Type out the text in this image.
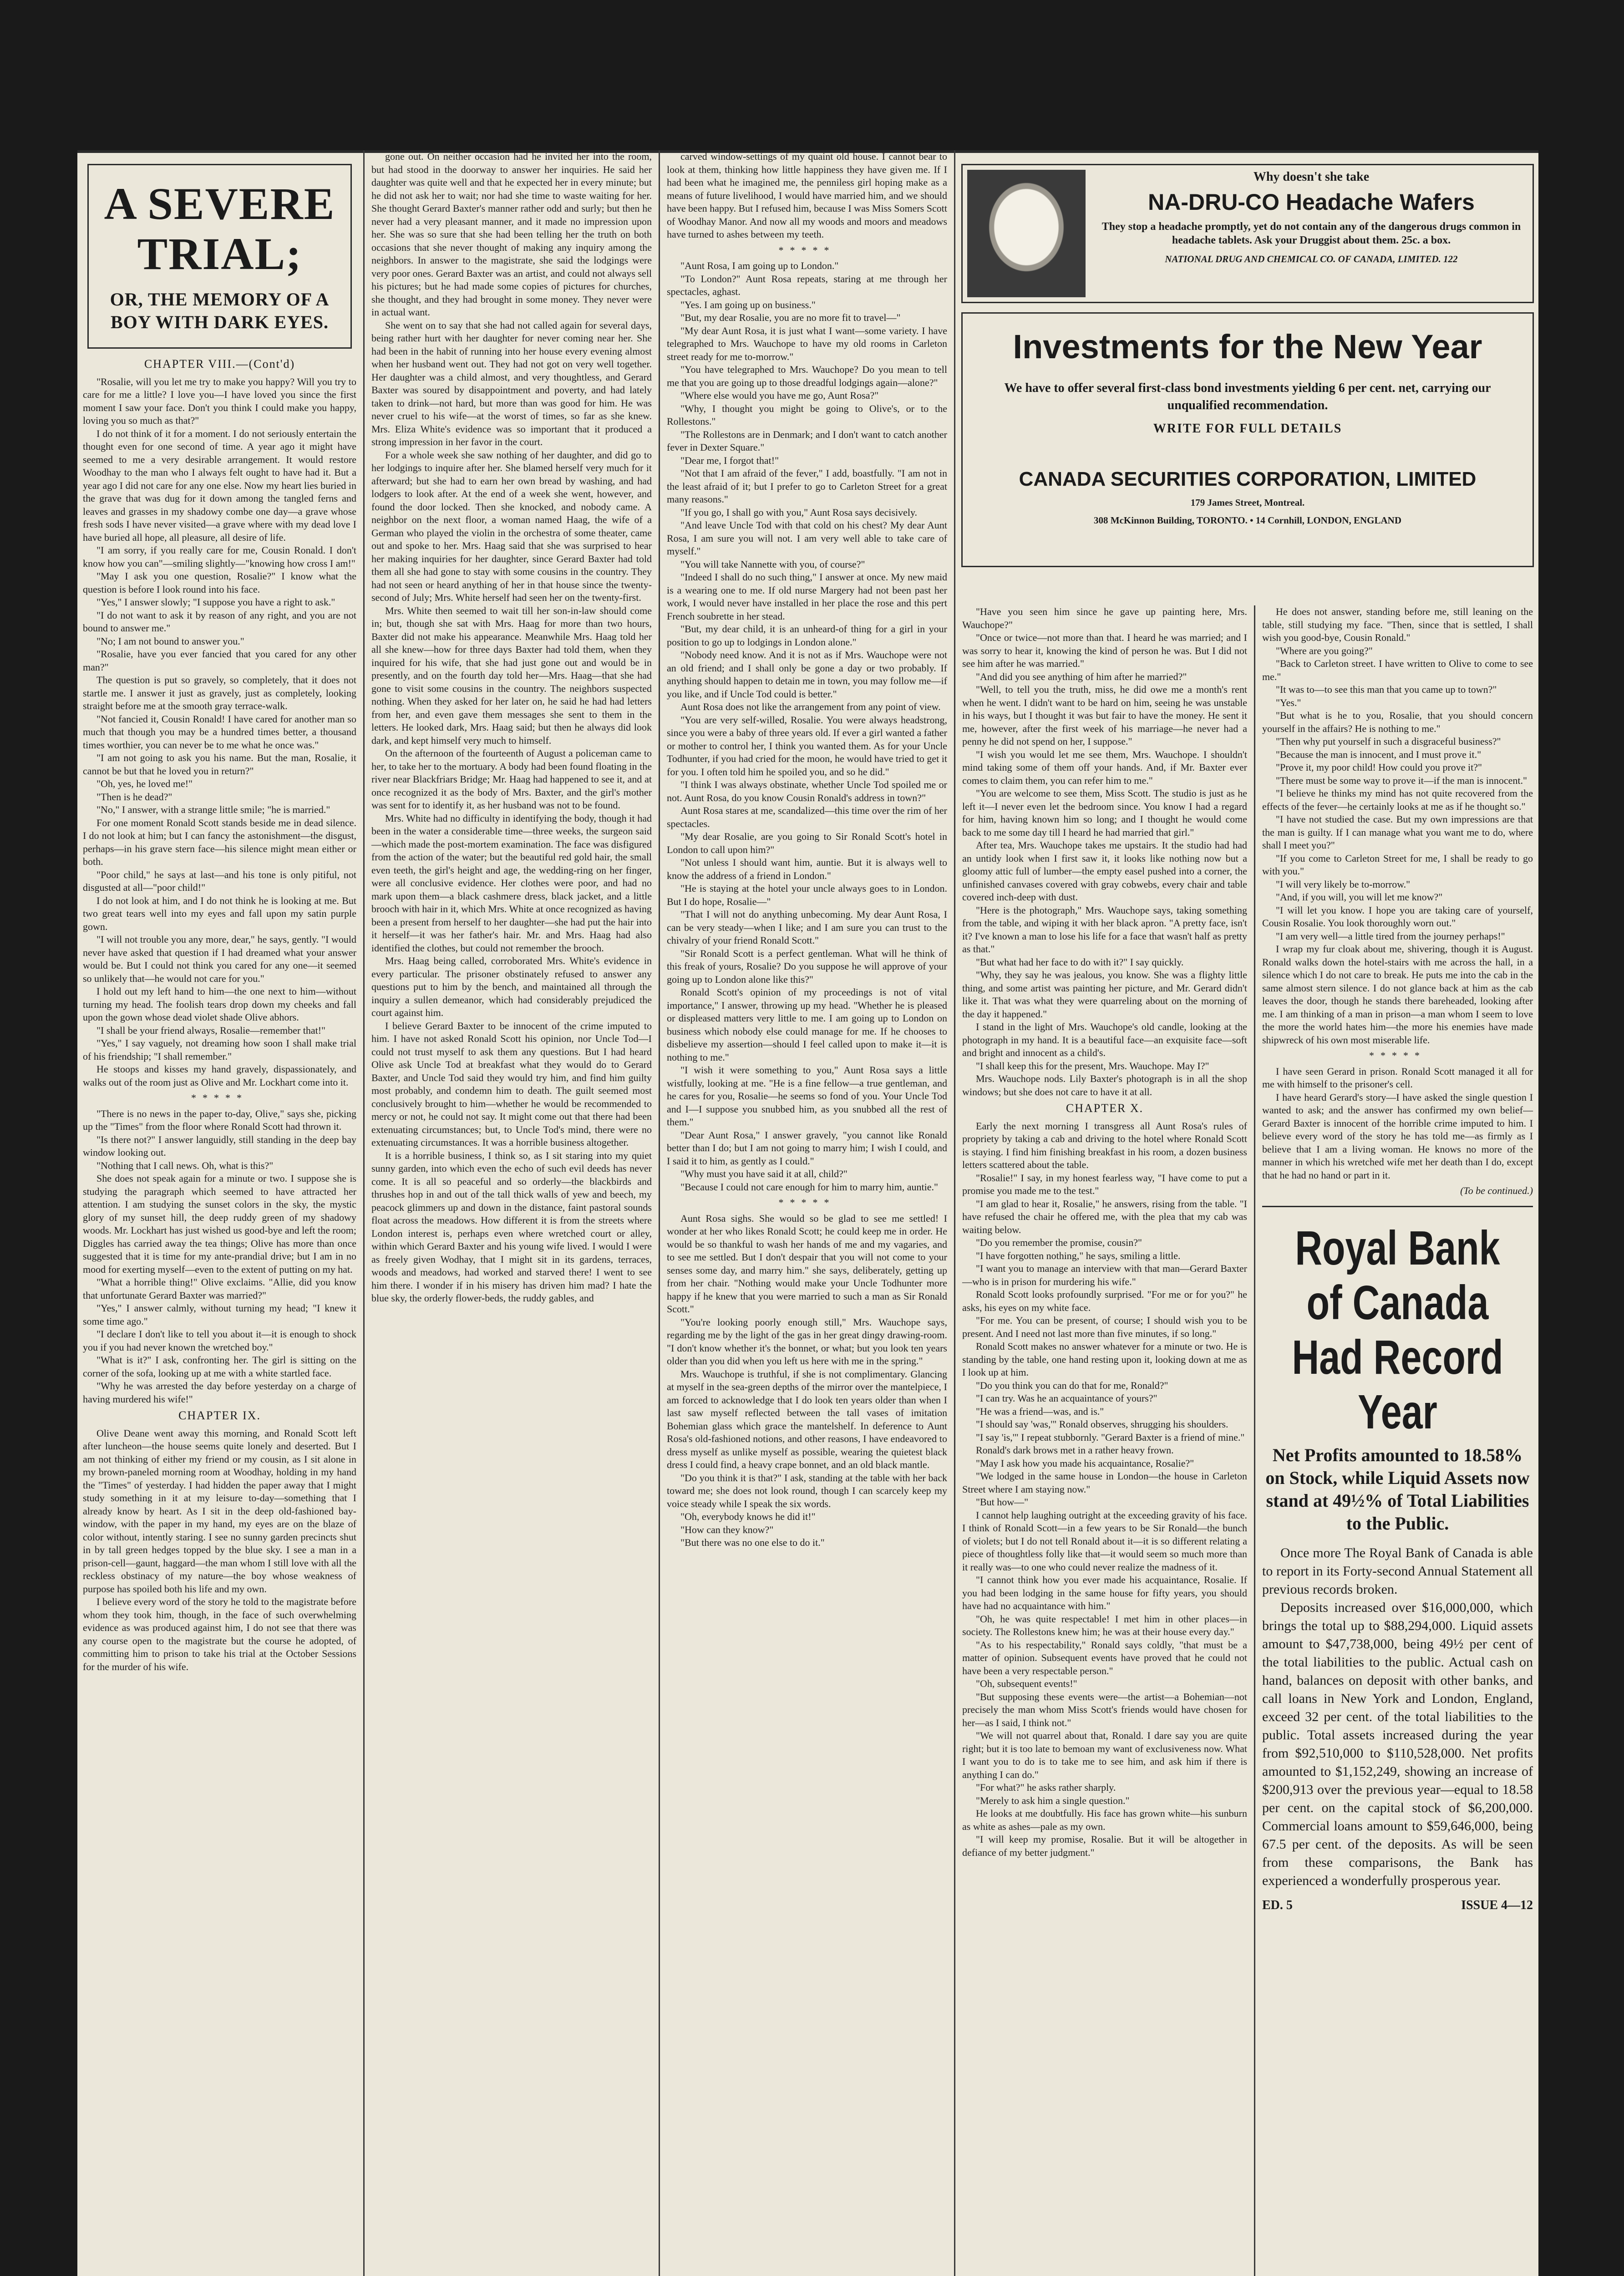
A SEVERE TRIAL;
OR, THE MEMORY OF A BOY WITH DARK EYES.
CHAPTER VIII.—(Cont'd)

"Rosalie, will you let me try to make you happy? Will you try to care for me a little? I love you—I have loved you since the first moment I saw your face. Don't you think I could make you happy, loving you so much as that?"

I do not think of it for a moment. I do not seriously entertain the thought even for one second of time. A year ago it might have seemed to me a very desirable arrangement. It would restore Woodhay to the man who I always felt ought to have had it. But a year ago I did not care for any one else. Now my heart lies buried in the grave that was dug for it down among the tangled ferns and leaves and grasses in my shadowy combe one day—a grave whose fresh sods I have never visited—a grave where with my dead love I have buried all hope, all pleasure, all desire of life.

"I am sorry, if you really care for me, Cousin Ronald. I don't know how you can"—smiling slightly—"knowing how cross I am!"

"May I ask you one question, Rosalie?" I know what the question is before I look round into his face.

"Yes," I answer slowly; "I suppose you have a right to ask."

"I do not want to ask it by reason of any right, and you are not bound to answer me."

"No; I am not bound to answer you."

"Rosalie, have you ever fancied that you cared for any other man?"

The question is put so gravely, so completely, that it does not startle me. I answer it just as gravely, just as completely, looking straight before me at the smooth gray terrace-walk.

"Not fancied it, Cousin Ronald! I have cared for another man so much that though you may be a hundred times better, a thousand times worthier, you can never be to me what he once was."

"I am not going to ask you his name. But the man, Rosalie, it cannot be but that he loved you in return?"

"Oh, yes, he loved me!"

"Then is he dead?"

"No," I answer, with a strange little smile; "he is married."

For one moment Ronald Scott stands beside me in dead silence. I do not look at him; but I can fancy the astonishment—the disgust, perhaps—in his grave stern face—his silence might mean either or both.

"Poor child," he says at last—and his tone is only pitiful, not disgusted at all—"poor child!"

I do not look at him, and I do not think he is looking at me. But two great tears well into my eyes and fall upon my satin purple gown.

"I will not trouble you any more, dear," he says, gently. "I would never have asked that question if I had dreamed what your answer would be. But I could not think you cared for any one—it seemed so unlikely that—he would not care for you."

I hold out my left hand to him—the one next to him—without turning my head. The foolish tears drop down my cheeks and fall upon the gown whose dead violet shade Olive abhors.

"I shall be your friend always, Rosalie—remember that!"

"Yes," I say vaguely, not dreaming how soon I shall make trial of his friendship; "I shall remember."

He stoops and kisses my hand gravely, dispassionately, and walks out of the room just as Olive and Mr. Lockhart come into it.

*****

"There is no news in the paper to-day, Olive," says she, picking up the "Times" from the floor where Ronald Scott had thrown it.

"Is there not?" I answer languidly, still standing in the deep bay window looking out.

"Nothing that I call news. Oh, what is this?"

She does not speak again for a minute or two. I suppose she is studying the paragraph which seemed to have attracted her attention. I am studying the sunset colors in the sky, the mystic glory of my sunset hill, the deep ruddy green of my shadowy woods. Mr. Lockhart has just wished us good-bye and left the room; Diggles has carried away the tea things; Olive has more than once suggested that it is time for my ante-prandial drive; but I am in no mood for exerting myself—even to the extent of putting on my hat.

"What a horrible thing!" Olive exclaims. "Allie, did you know that unfortunate Gerard Baxter was married?"

"Yes," I answer calmly, without turning my head; "I knew it some time ago."

"I declare I don't like to tell you about it—it is enough to shock you if you had never known the wretched boy."

"What is it?" I ask, confronting her. The girl is sitting on the corner of the sofa, looking up at me with a white startled face.

"Why he was arrested the day before yesterday on a charge of having murdered his wife!"

CHAPTER IX.

Olive Deane went away this morning, and Ronald Scott left after luncheon—the house seems quite lonely and deserted. But I am not thinking of either my friend or my cousin, as I sit alone in my brown-paneled morning room at Woodhay, holding in my hand the "Times" of yesterday. I had hidden the paper away that I might study something in it at my leisure to-day—something that I already know by heart. As I sit in the deep old-fashioned bay-window, with the paper in my hand, my eyes are on the blaze of color without, intently staring. I see no sunny garden precincts shut in by tall green hedges topped by the blue sky. I see a man in a prison-cell—gaunt, haggard—the man whom I still love with all the reckless obstinacy of my nature—the boy whose weakness of purpose has spoiled both his life and my own.

I believe every word of the story he told to the magistrate before whom they took him, though, in the face of such overwhelming evidence as was produced against him, I do not see that there was any course open to the magistrate but the course he adopted, of committing him to prison to take his trial at the October Sessions for the murder of his wife.

gone out. On neither occasion had he invited her into the room, but had stood in the doorway to answer her inquiries. He said her daughter was quite well and that he expected her in every minute; but he did not ask her to wait; nor had she time to waste waiting for her. She thought Gerard Baxter's manner rather odd and surly; but then he never had a very pleasant manner, and it made no impression upon her. She was so sure that she had been telling her the truth on both occasions that she never thought of making any inquiry among the neighbors. In answer to the magistrate, she said the lodgings were very poor ones. Gerard Baxter was an artist, and could not always sell his pictures; but he had made some copies of pictures for churches, she thought, and they had brought in some money. They never were in actual want.

She went on to say that she had not called again for several days, being rather hurt with her daughter for never coming near her. She had been in the habit of running into her house every evening almost when her husband went out. They had not got on very well together. Her daughter was a child almost, and very thoughtless, and Gerard Baxter was soured by disappointment and poverty, and had lately taken to drink—not hard, but more than was good for him. He was never cruel to his wife—at the worst of times, so far as she knew. Mrs. Eliza White's evidence was so important that it produced a strong impression in her favor in the court.

For a whole week she saw nothing of her daughter, and did go to her lodgings to inquire after her. She blamed herself very much for it afterward; but she had to earn her own bread by washing, and had lodgers to look after. At the end of a week she went, however, and found the door locked. Then she knocked, and nobody came. A neighbor on the next floor, a woman named Haag, the wife of a German who played the violin in the orchestra of some theater, came out and spoke to her. Mrs. Haag said that she was surprised to hear her making inquiries for her daughter, since Gerard Baxter had told them all she had gone to stay with some cousins in the country. They had not seen or heard anything of her in that house since the twenty-second of July; Mrs. White herself had seen her on the twenty-first.

Mrs. White then seemed to wait till her son-in-law should come in; but, though she sat with Mrs. Haag for more than two hours, Baxter did not make his appearance. Meanwhile Mrs. Haag told her all she knew—how for three days Baxter had told them, when they inquired for his wife, that she had just gone out and would be in presently, and on the fourth day told her—Mrs. Haag—that she had gone to visit some cousins in the country. The neighbors suspected nothing. When they asked for her later on, he said he had had letters from her, and even gave them messages she sent to them in the letters. He looked dark, Mrs. Haag said; but then he always did look dark, and kept himself very much to himself.

On the afternoon of the fourteenth of August a policeman came to her, to take her to the mortuary. A body had been found floating in the river near Blackfriars Bridge; Mr. Haag had happened to see it, and at once recognized it as the body of Mrs. Baxter, and the girl's mother was sent for to identify it, as her husband was not to be found.

Mrs. White had no difficulty in identifying the body, though it had been in the water a considerable time—three weeks, the surgeon said—which made the post-mortem examination. The face was disfigured from the action of the water; but the beautiful red gold hair, the small even teeth, the girl's height and age, the wedding-ring on her finger, were all conclusive evidence. Her clothes were poor, and had no mark upon them—a black cashmere dress, black jacket, and a little brooch with hair in it, which Mrs. White at once recognized as having been a present from herself to her daughter—she had put the hair into it herself—it was her father's hair. Mr. and Mrs. Haag had also identified the clothes, but could not remember the brooch.

Mrs. Haag being called, corroborated Mrs. White's evidence in every particular. The prisoner obstinately refused to answer any questions put to him by the bench, and maintained all through the inquiry a sullen demeanor, which had considerably prejudiced the court against him.

I believe Gerard Baxter to be innocent of the crime imputed to him. I have not asked Ronald Scott his opinion, nor Uncle Tod—I could not trust myself to ask them any questions. But I had heard Olive ask Uncle Tod at breakfast what they would do to Gerard Baxter, and Uncle Tod said they would try him, and find him guilty most probably, and condemn him to death. The guilt seemed most conclusively brought to him—whether he would be recommended to mercy or not, he could not say. It might come out that there had been extenuating circumstances; but, to Uncle Tod's mind, there were no extenuating circumstances. It was a horrible business altogether.

It is a horrible business, I think so, as I sit staring into my quiet sunny garden, into which even the echo of such evil deeds has never come. It is all so peaceful and so orderly—the blackbirds and thrushes hop in and out of the tall thick walls of yew and beech, my peacock glimmers up and down in the distance, faint pastoral sounds float across the meadows. How different it is from the streets where London interest is, perhaps even where wretched court or alley, within which Gerard Baxter and his young wife lived. I would I were as freely given Wodhay, that I might sit in its gardens, terraces, woods and meadows, had worked and starved there! I went to see him there. I wonder if in his misery has driven him mad? I hate the blue sky, the orderly flower-beds, the ruddy gables, and

carved window-settings of my quaint old house. I cannot bear to look at them, thinking how little happiness they have given me. If I had been what he imagined me, the penniless girl hoping make as a means of future livelihood, I would have married him, and we should have been happy. But I refused him, because I was Miss Somers Scott of Woodhay Manor. And now all my woods and moors and meadows have turned to ashes between my teeth.

*****

"Aunt Rosa, I am going up to London."

"To London?" Aunt Rosa repeats, staring at me through her spectacles, aghast.

"Yes. I am going up on business."

"But, my dear Rosalie, you are no more fit to travel—"

"My dear Aunt Rosa, it is just what I want—some variety. I have telegraphed to Mrs. Wauchope to have my old rooms in Carleton street ready for me to-morrow."

"You have telegraphed to Mrs. Wauchope? Do you mean to tell me that you are going up to those dreadful lodgings again—alone?"

"Where else would you have me go, Aunt Rosa?"

"Why, I thought you might be going to Olive's, or to the Rollestons."

"The Rollestons are in Denmark; and I don't want to catch another fever in Dexter Square."

"Dear me, I forgot that!"

"Not that I am afraid of the fever," I add, boastfully. "I am not in the least afraid of it; but I prefer to go to Carleton Street for a great many reasons."

"If you go, I shall go with you," Aunt Rosa says decisively.

"And leave Uncle Tod with that cold on his chest? My dear Aunt Rosa, I am sure you will not. I am very well able to take care of myself."

"You will take Nannette with you, of course?"

"Indeed I shall do no such thing," I answer at once. My new maid is a wearing one to me. If old nurse Margery had not been past her work, I would never have installed in her place the rose and this pert French soubrette in her stead.

"But, my dear child, it is an unheard-of thing for a girl in your position to go up to lodgings in London alone."

"Nobody need know. And it is not as if Mrs. Wauchope were not an old friend; and I shall only be gone a day or two probably. If anything should happen to detain me in town, you may follow me—if you like, and if Uncle Tod could is better."

Aunt Rosa does not like the arrangement from any point of view.

"You are very self-willed, Rosalie. You were always headstrong, since you were a baby of three years old. If ever a girl wanted a father or mother to control her, I think you wanted them. As for your Uncle Todhunter, if you had cried for the moon, he would have tried to get it for you. I often told him he spoiled you, and so he did."

"I think I was always obstinate, whether Uncle Tod spoiled me or not. Aunt Rosa, do you know Cousin Ronald's address in town?"

Aunt Rosa stares at me, scandalized—this time over the rim of her spectacles.

"My dear Rosalie, are you going to Sir Ronald Scott's hotel in London to call upon him?"

"Not unless I should want him, auntie. But it is always well to know the address of a friend in London."

"He is staying at the hotel your uncle always goes to in London. But I do hope, Rosalie—"

"That I will not do anything unbecoming. My dear Aunt Rosa, I can be very steady—when I like; and I am sure you can trust to the chivalry of your friend Ronald Scott."

"Sir Ronald Scott is a perfect gentleman. What will he think of this freak of yours, Rosalie? Do you suppose he will approve of your going up to London alone like this?"

Ronald Scott's opinion of my proceedings is not of vital importance," I answer, throwing up my head. "Whether he is pleased or displeased matters very little to me. I am going up to London on business which nobody else could manage for me. If he chooses to disbelieve my assertion—should I feel called upon to make it—it is nothing to me."

"I wish it were something to you," Aunt Rosa says a little wistfully, looking at me. "He is a fine fellow—a true gentleman, and he cares for you, Rosalie—he seems so fond of you. Your Uncle Tod and I—I suppose you snubbed him, as you snubbed all the rest of them."

"Dear Aunt Rosa," I answer gravely, "you cannot like Ronald better than I do; but I am not going to marry him; I wish I could, and I said it to him, as gently as I could."

"Why must you have said it at all, child?"

"Because I could not care enough for him to marry him, auntie."

*****

Aunt Rosa sighs. She would so be glad to see me settled! I wonder at her who likes Ronald Scott; he could keep me in order. He would be so thankful to wash her hands of me and my vagaries, and to see me settled. But I don't despair that you will not come to your senses some day, and marry him." she says, deliberately, getting up from her chair. "Nothing would make your Uncle Todhunter more happy if he knew that you were married to such a man as Sir Ronald Scott."

"You're looking poorly enough still," Mrs. Wauchope says, regarding me by the light of the gas in her great dingy drawing-room. "I don't know whether it's the bonnet, or what; but you look ten years older than you did when you left us here with me in the spring."

Mrs. Wauchope is truthful, if she is not complimentary. Glancing at myself in the sea-green depths of the mirror over the mantelpiece, I am forced to acknowledge that I do look ten years older than when I last saw myself reflected between the tall vases of imitation Bohemian glass which grace the mantelshelf. In deference to Aunt Rosa's old-fashioned notions, and other reasons, I have endeavored to dress myself as unlike myself as possible, wearing the quietest black dress I could find, a heavy crape bonnet, and an old black mantle.

"Do you think it is that?" I ask, standing at the table with her back toward me; she does not look round, though I can scarcely keep my voice steady while I speak the six words.

"Oh, everybody knows he did it!"

"How can they know?"

"But there was no one else to do it."

Why doesn't she take
NA-DRU-CO Headache Wafers
They stop a headache promptly, yet do not contain any of the dangerous drugs common in headache tablets. Ask your Druggist about them. 25c. a box.
NATIONAL DRUG AND CHEMICAL CO. OF CANADA, LIMITED. 122
Investments for the New Year
We have to offer several first-class bond investments yielding 6 per cent. net, carrying our unqualified recommendation.
WRITE FOR FULL DETAILS
CANADA SECURITIES CORPORATION, LIMITED
179 James Street, Montreal.
308 McKinnon Building, TORONTO. • 14 Cornhill, LONDON, ENGLAND

"Have you seen him since he gave up painting here, Mrs. Wauchope?"

"Once or twice—not more than that. I heard he was married; and I was sorry to hear it, knowing the kind of person he was. But I did not see him after he was married."

"And did you see anything of him after he married?"

"Well, to tell you the truth, miss, he did owe me a month's rent when he went. I didn't want to be hard on him, seeing he was unstable in his ways, but I thought it was but fair to have the money. He sent it me, however, after the first week of his marriage—he never had a penny he did not spend on her, I suppose."

"I wish you would let me see them, Mrs. Wauchope. I shouldn't mind taking some of them off your hands. And, if Mr. Baxter ever comes to claim them, you can refer him to me."

"You are welcome to see them, Miss Scott. The studio is just as he left it—I never even let the bedroom since. You know I had a regard for him, having known him so long; and I thought he would come back to me some day till I heard he had married that girl."

After tea, Mrs. Wauchope takes me upstairs. It the studio had had an untidy look when I first saw it, it looks like nothing now but a gloomy attic full of lumber—the empty easel pushed into a corner, the unfinished canvases covered with gray cobwebs, every chair and table covered inch-deep with dust.

"Here is the photograph," Mrs. Wauchope says, taking something from the table, and wiping it with her black apron. "A pretty face, isn't it? I've known a man to lose his life for a face that wasn't half as pretty as that."

"But what had her face to do with it?" I say quickly.

"Why, they say he was jealous, you know. She was a flighty little thing, and some artist was painting her picture, and Mr. Gerard didn't like it. That was what they were quarreling about on the morning of the day it happened."

I stand in the light of Mrs. Wauchope's old candle, looking at the photograph in my hand. It is a beautiful face—an exquisite face—soft and bright and innocent as a child's.

"I shall keep this for the present, Mrs. Wauchope. May I?"

Mrs. Wauchope nods. Lily Baxter's photograph is in all the shop windows; but she does not care to have it at all.

CHAPTER X.

Early the next morning I transgress all Aunt Rosa's rules of propriety by taking a cab and driving to the hotel where Ronald Scott is staying. I find him finishing breakfast in his room, a dozen business letters scattered about the table.

"Rosalie!" I say, in my honest fearless way, "I have come to put a promise you made me to the test."

"I am glad to hear it, Rosalie," he answers, rising from the table. "I have refused the chair he offered me, with the plea that my cab was waiting below.

"Do you remember the promise, cousin?"

"I have forgotten nothing," he says, smiling a little.

"I want you to manage an interview with that man—Gerard Baxter—who is in prison for murdering his wife."

Ronald Scott looks profoundly surprised. "For me or for you?" he asks, his eyes on my white face.

"For me. You can be present, of course; I should wish you to be present. And I need not last more than five minutes, if so long."

Ronald Scott makes no answer whatever for a minute or two. He is standing by the table, one hand resting upon it, looking down at me as I look up at him.

"Do you think you can do that for me, Ronald?"

"I can try. Was he an acquaintance of yours?"

"He was a friend—was, and is."

"I should say 'was,'" Ronald observes, shrugging his shoulders.

"I say 'is,'" I repeat stubbornly. "Gerard Baxter is a friend of mine."

Ronald's dark brows met in a rather heavy frown.

"May I ask how you made his acquaintance, Rosalie?"

"We lodged in the same house in London—the house in Carleton Street where I am staying now."

"But how—"

I cannot help laughing outright at the exceeding gravity of his face. I think of Ronald Scott—in a few years to be Sir Ronald—the bunch of violets; but I do not tell Ronald about it—it is so different relating a piece of thoughtless folly like that—it would seem so much more than it really was—to one who could never realize the madness of it.

"I cannot think how you ever made his acquaintance, Rosalie. If you had been lodging in the same house for fifty years, you should have had no acquaintance with him."

"Oh, he was quite respectable! I met him in other places—in society. The Rollestons knew him; he was at their house every day."

"As to his respectability," Ronald says coldly, "that must be a matter of opinion. Subsequent events have proved that he could not have been a very respectable person."

"Oh, subsequent events!"

"But supposing these events were—the artist—a Bohemian—not precisely the man whom Miss Scott's friends would have chosen for her—as I said, I think not."

"We will not quarrel about that, Ronald. I dare say you are quite right; but it is too late to bemoan my want of exclusiveness now. What I want you to do is to take me to see him, and ask him if there is anything I can do."

"For what?" he asks rather sharply.

"Merely to ask him a single question."

He looks at me doubtfully. His face has grown white—his sunburn as white as ashes—pale as my own.

"I will keep my promise, Rosalie. But it will be altogether in defiance of my better judgment."

He does not answer, standing before me, still leaning on the table, still studying my face. "Then, since that is settled, I shall wish you good-bye, Cousin Ronald."

"Where are you going?"

"Back to Carleton street. I have written to Olive to come to see me."

"It was to—to see this man that you came up to town?"

"Yes."

"But what is he to you, Rosalie, that you should concern yourself in the affairs? He is nothing to me."

"Then why put yourself in such a disgraceful business?"

"Because the man is innocent, and I must prove it."

"Prove it, my poor child! How could you prove it?"

"There must be some way to prove it—if the man is innocent."

"I believe he thinks my mind has not quite recovered from the effects of the fever—he certainly looks at me as if he thought so."

"I have not studied the case. But my own impressions are that the man is guilty. If I can manage what you want me to do, where shall I meet you?"

"If you come to Carleton Street for me, I shall be ready to go with you."

"I will very likely be to-morrow."

"And, if you will, you will let me know?"

"I will let you know. I hope you are taking care of yourself, Cousin Rosalie. You look thoroughly worn out."

"I am very well—a little tired from the journey perhaps!"

I wrap my fur cloak about me, shivering, though it is August. Ronald walks down the hotel-stairs with me across the hall, in a silence which I do not care to break. He puts me into the cab in the same almost stern silence. I do not glance back at him as the cab leaves the door, though he stands there bareheaded, looking after me. I am thinking of a man in prison—a man whom I seem to love the more the world hates him—the more his enemies have made shipwreck of his own most miserable life.

*****

I have seen Gerard in prison. Ronald Scott managed it all for me with himself to the prisoner's cell.

I have heard Gerard's story—I have asked the single question I wanted to ask; and the answer has confirmed my own belief—Gerard Baxter is innocent of the horrible crime imputed to him. I believe every word of the story he has told me—as firmly as I believe that I am a living woman. He knows no more of the manner in which his wretched wife met her death than I do, except that he had no hand or part in it.

(To be continued.)
Royal Bank of Canada Had Record Year
Net Profits amounted to 18.58% on Stock, while Liquid Assets now stand at 49½% of Total Liabilities to the Public.

Once more The Royal Bank of Canada is able to report in its Forty-second Annual Statement all previous records broken.

Deposits increased over $16,000,000, which brings the total up to $88,294,000. Liquid assets amount to $47,738,000, being 49½ per cent of the total liabilities to the public. Actual cash on hand, balances on deposit with other banks, and call loans in New York and London, England, exceed 32 per cent. of the total liabilities to the public. Total assets increased during the year from $92,510,000 to $110,528,000. Net profits amounted to $1,152,249, showing an increase of $200,913 over the previous year—equal to 18.58 per cent. on the capital stock of $6,200,000. Commercial loans amount to $59,646,000, being 67.5 per cent. of the deposits. As will be seen from these comparisons, the Bank has experienced a wonderfully prosperous year.

ED. 5	ISSUE 4—12
